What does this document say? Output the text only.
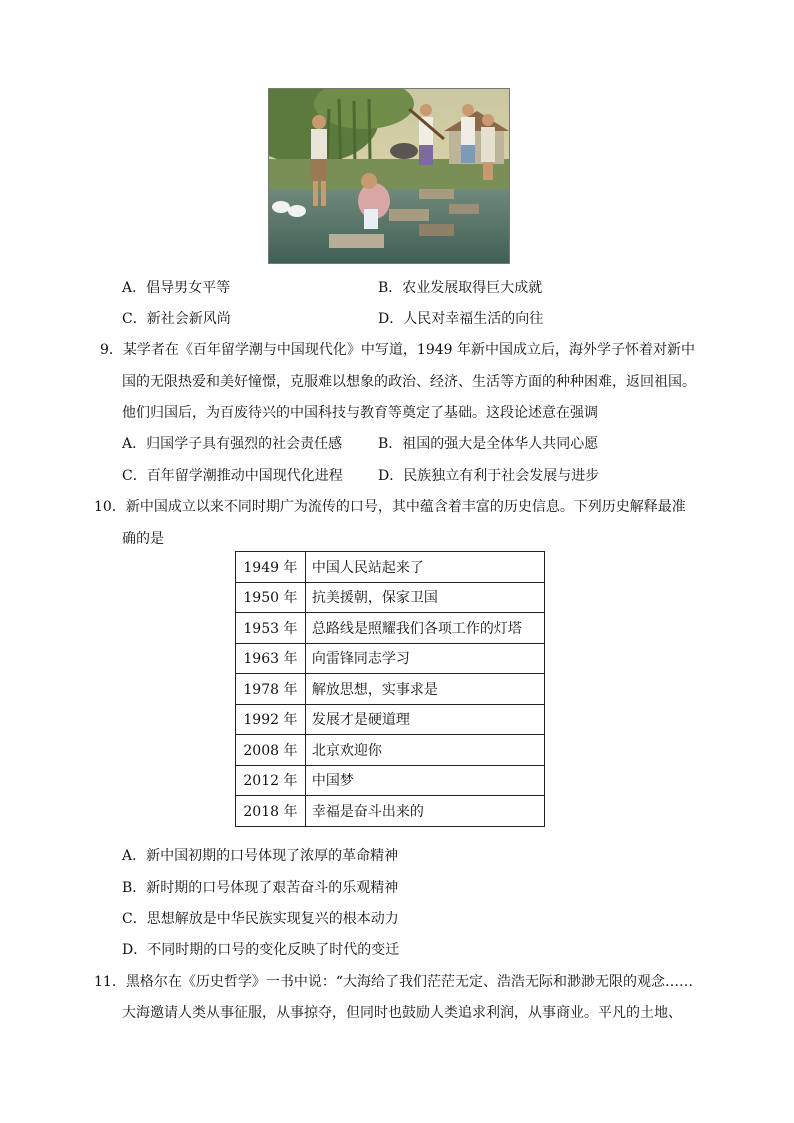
A．倡导男女平等	B．农业发展取得巨大成就
C．新社会新风尚	D．人民对幸福生活的向往
9．某学者在《百年留学潮与中国现代化》中写道，1949 年新中国成立后，海外学子怀着对新中
国的无限热爱和美好憧憬，克服难以想象的政治、经济、生活等方面的种种困难，返回祖国。
他们归国后，为百废待兴的中国科技与教育等奠定了基础。这段论述意在强调
A．归国学子具有强烈的社会责任感	B．祖国的强大是全体华人共同心愿
C．百年留学潮推动中国现代化进程	D．民族独立有利于社会发展与进步
10．新中国成立以来不同时期广为流传的口号，其中蕴含着丰富的历史信息。下列历史解释最准
确的是
1949 年	中国人民站起来了
1950 年	抗美援朝，保家卫国
1953 年	总路线是照耀我们各项工作的灯塔
1963 年	向雷锋同志学习
1978 年	解放思想，实事求是
1992 年	发展才是硬道理
2008 年	北京欢迎你
2012 年	中国梦
2018 年	幸福是奋斗出来的
A．新中国初期的口号体现了浓厚的革命精神
B．新时期的口号体现了艰苦奋斗的乐观精神
C．思想解放是中华民族实现复兴的根本动力
D．不同时期的口号的变化反映了时代的变迁
11．黑格尔在《历史哲学》一书中说：“大海给了我们茫茫无定、浩浩无际和渺渺无限的观念……
大海邀请人类从事征服，从事掠夺，但同时也鼓励人类追求利润，从事商业。平凡的土地、
